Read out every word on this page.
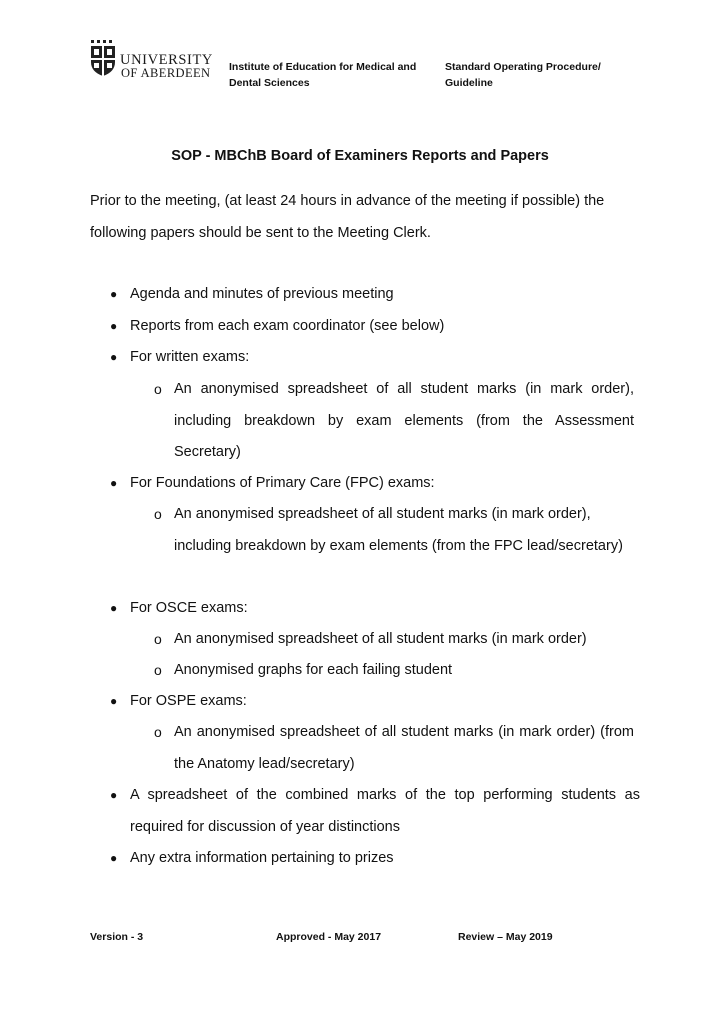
UNIVERSITY
OF ABERDEEN Institute of Education for Medical and Dental Sciences
Standard Operating Procedure/ Guideline
SOP - MBChB Board of Examiners Reports and Papers

Prior to the meeting, (at least 24 hours in advance of the meeting if possible) the following papers should be sent to the Meeting Clerk.

● Agenda and minutes of previous meeting
● Reports from each exam coordinator (see below)
● For written exams:
o An anonymised spreadsheet of all student marks (in mark order), including breakdown by exam elements (from the Assessment Secretary)
● For Foundations of Primary Care (FPC) exams:
o An anonymised spreadsheet of all student marks (in mark order), including breakdown by exam elements (from the FPC lead/secretary)
● For OSCE exams:
o An anonymised spreadsheet of all student marks (in mark order)
o Anonymised graphs for each failing student
● For OSPE exams:
o An anonymised spreadsheet of all student marks (in mark order) (from the Anatomy lead/secretary)
● A spreadsheet of the combined marks of the top performing students as required for discussion of year distinctions
● Any extra information pertaining to prizes
Version - 3	Approved - May 2017	Review – May 2019
